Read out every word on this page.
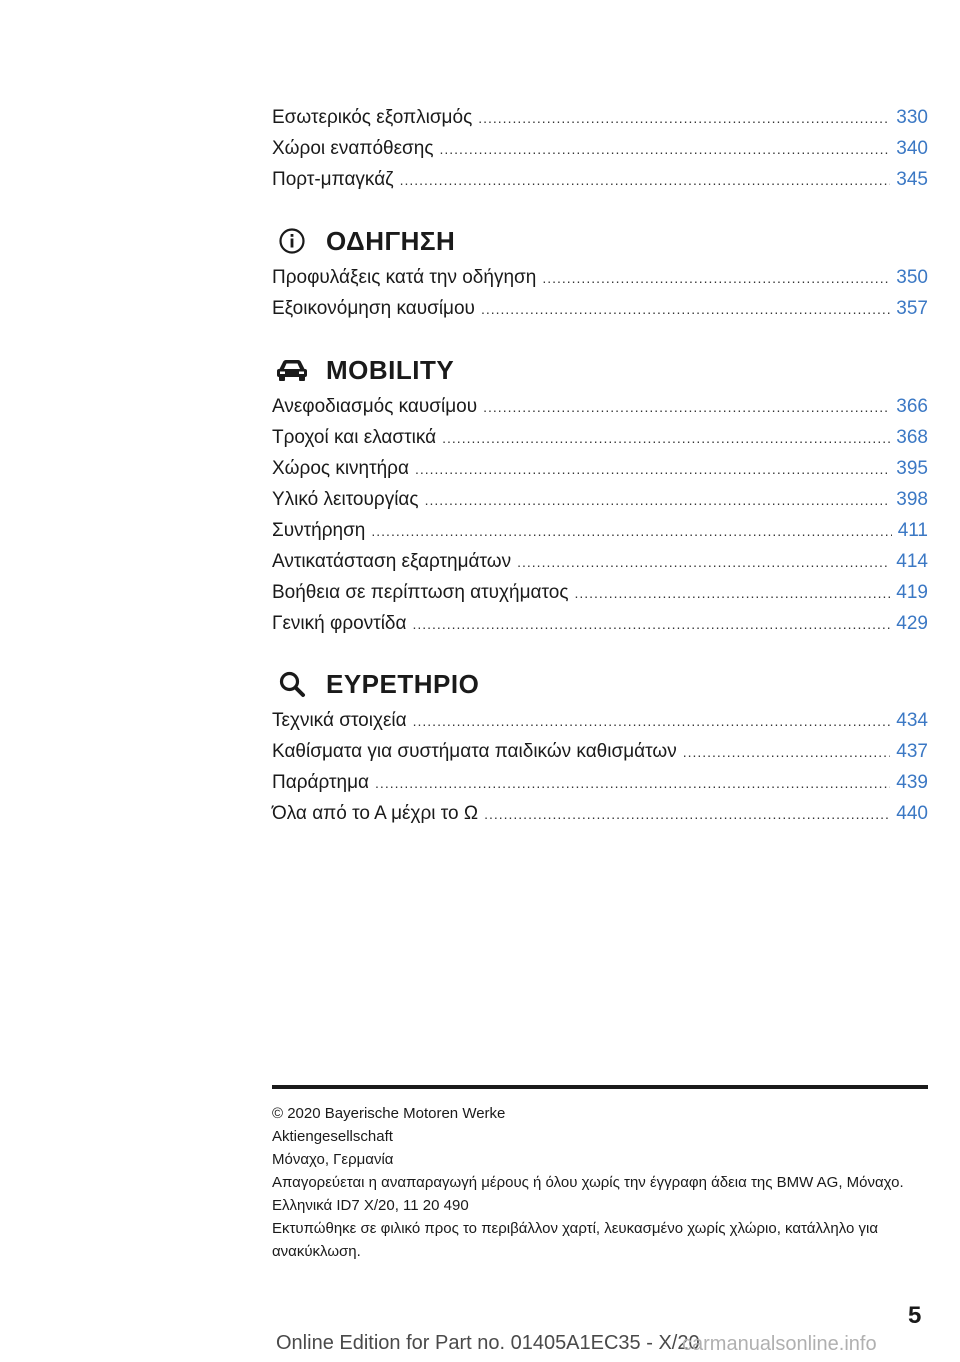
Εσωτερικός εξοπλισμός .....	330
Χώροι εναπόθεσης .....	340
Πορτ-μπαγκάζ .....	345
ΟΔΗΓΗΣΗ
Προφυλάξεις κατά την οδήγηση .....	350
Εξοικονόμηση καυσίμου .....	357
MOBILITY
Ανεφοδιασμός καυσίμου .....	366
Τροχοί και ελαστικά .....	368
Χώρος κινητήρα .....	395
Υλικό λειτουργίας .....	398
Συντήρηση .....	411
Αντικατάσταση εξαρτημάτων .....	414
Βοήθεια σε περίπτωση ατυχήματος .....	419
Γενική φροντίδα .....	429
ΕΥΡΕΤΗΡΙΟ
Τεχνικά στοιχεία .....	434
Καθίσματα για συστήματα παιδικών καθισμάτων .....	437
Παράρτημα .....	439
Όλα από το Α μέχρι το Ω .....	440
© 2020 Bayerische Motoren Werke
Aktiengesellschaft
Μόναχο, Γερμανία
Απαγορεύεται η αναπαραγωγή μέρους ή όλου χωρίς την έγγραφη άδεια της BMW AG, Μόναχο.
Ελληνικά ID7 X/20, 11 20 490
Εκτυπώθηκε σε φιλικό προς το περιβάλλον χαρτί, λευκασμένο χωρίς χλώριο, κατάλληλο για ανακύκλωση.
5
Online Edition for Part no. 01405A1EC35 - X/20
carmanualsonline.info
